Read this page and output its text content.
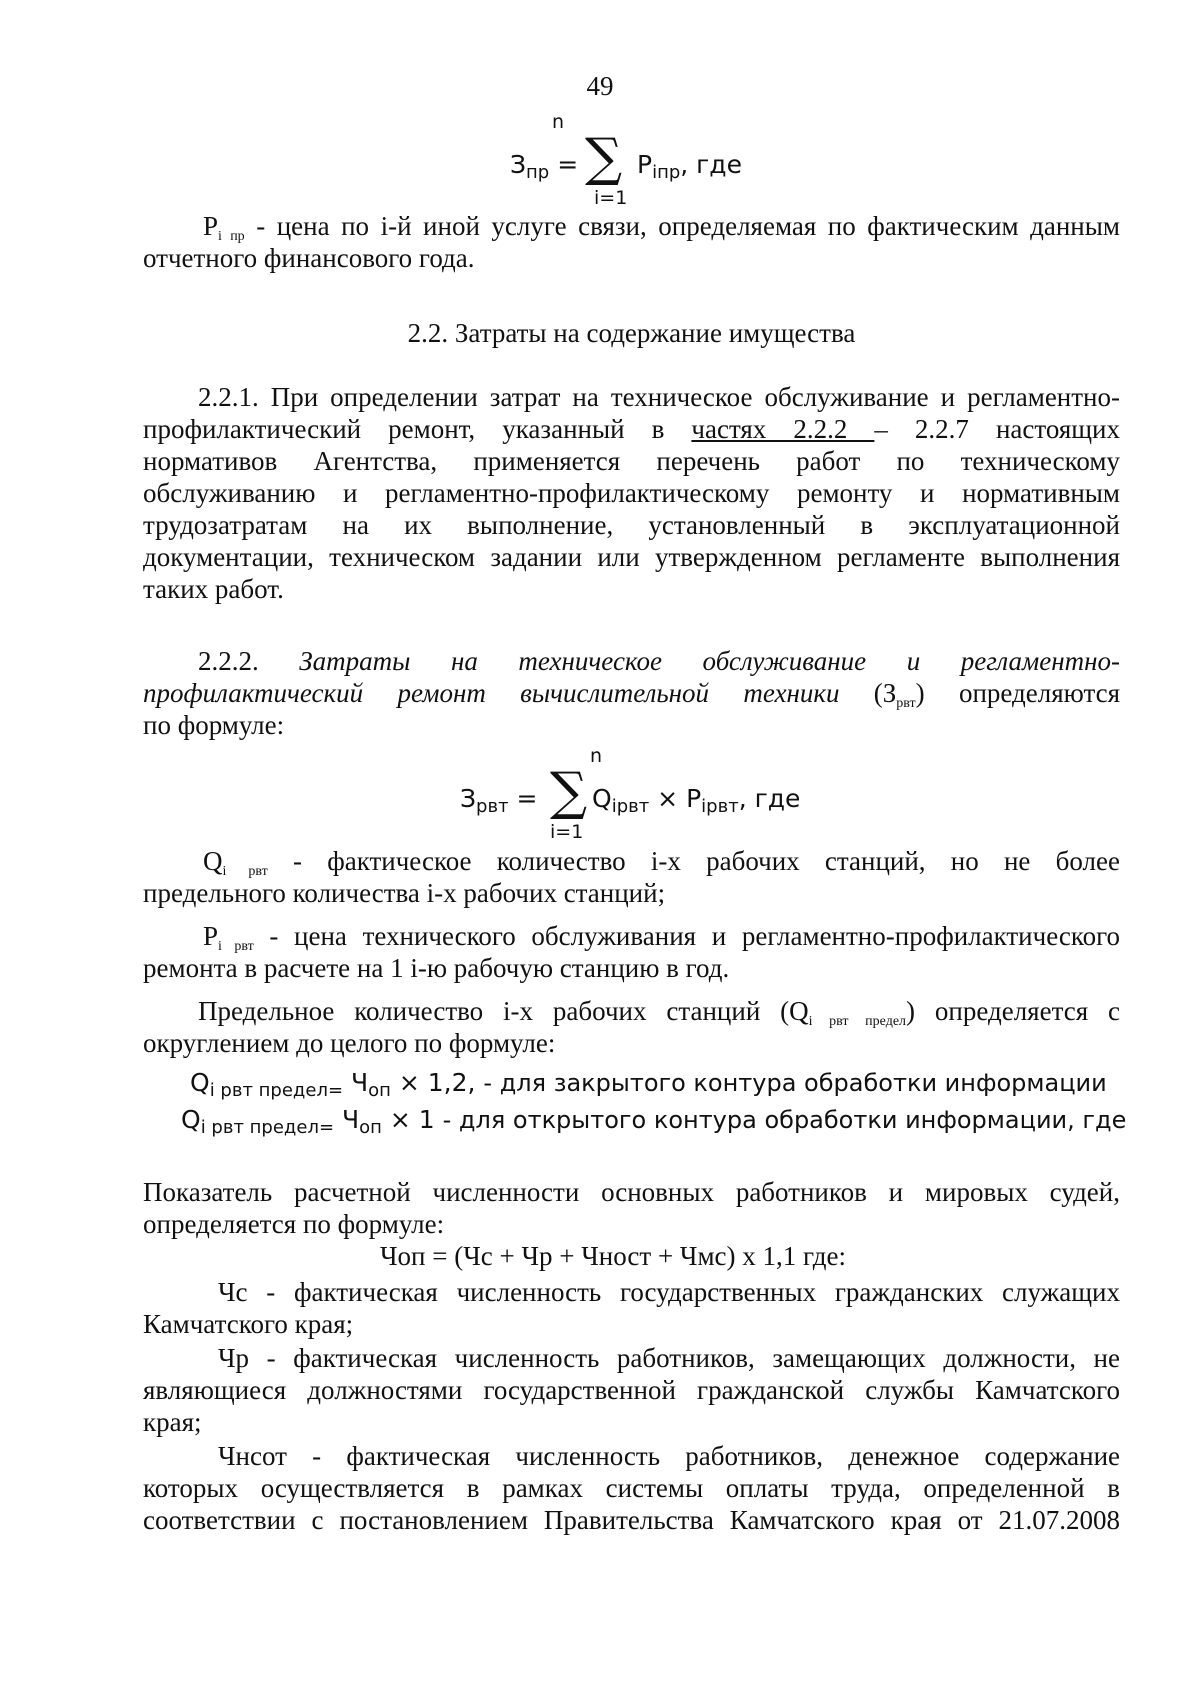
49
n
$З_{пр}$ = ∑ $P_{iпр}$, где
i=1
$P_{i пр}$ - цена по i-й иной услуге связи, определяемая по фактическим данным
отчетного финансового года.
2.2. Затраты на содержание имущества
2.2.1. При определении затрат на техническое обслуживание и регламентно-
профилактический ремонт, указанный в частях 2.2.2 – 2.2.7 настоящих
нормативов Агентства, применяется перечень работ по техническому
обслуживанию и регламентно-профилактическому ремонту и нормативным
трудозатратам на их выполнение, установленный в эксплуатационной
документации, техническом задании или утвержденном регламенте выполнения
таких работ.
2.2.2. Затраты на техническое обслуживание и регламентно-
профилактический ремонт вычислительной техники $(З_{рвт})$ определяются
по формуле:
n
$З_{рвт}$ = ∑ $Q_{iрвт} \times P_{iрвт}$, где
i=1
$Q_{i рвт}$ - фактическое количество i-х рабочих станций, но не более
предельного количества i-х рабочих станций;
$P_{i рвт}$ - цена технического обслуживания и регламентно-профилактического
ремонта в расчете на 1 i-ю рабочую станцию в год.
Предельное количество i-х рабочих станций $(Q_{i рвт предел})$ определяется с
округлением до целого по формуле:
$Q_{i рвт предел=}$ $Ч_{оп} \times 1,2$, - для закрытого контура обработки информации
$Q_{i рвт предел=}$ $Ч_{оп} \times 1$ - для открытого контура обработки информации, где
Показатель расчетной численности основных работников и мировых судей,
определяется по формуле:
Чоп = (Чс + Чр + Чност + Чмс) х 1,1 где:
Чс - фактическая численность государственных гражданских служащих
Камчатского края;
Чр - фактическая численность работников, замещающих должности, не
являющиеся должностями государственной гражданской службы Камчатского
края;
Чнсот - фактическая численность работников, денежное содержание
которых осуществляется в рамках системы оплаты труда, определенной в
соответствии с постановлением Правительства Камчатского края от 21.07.2008
